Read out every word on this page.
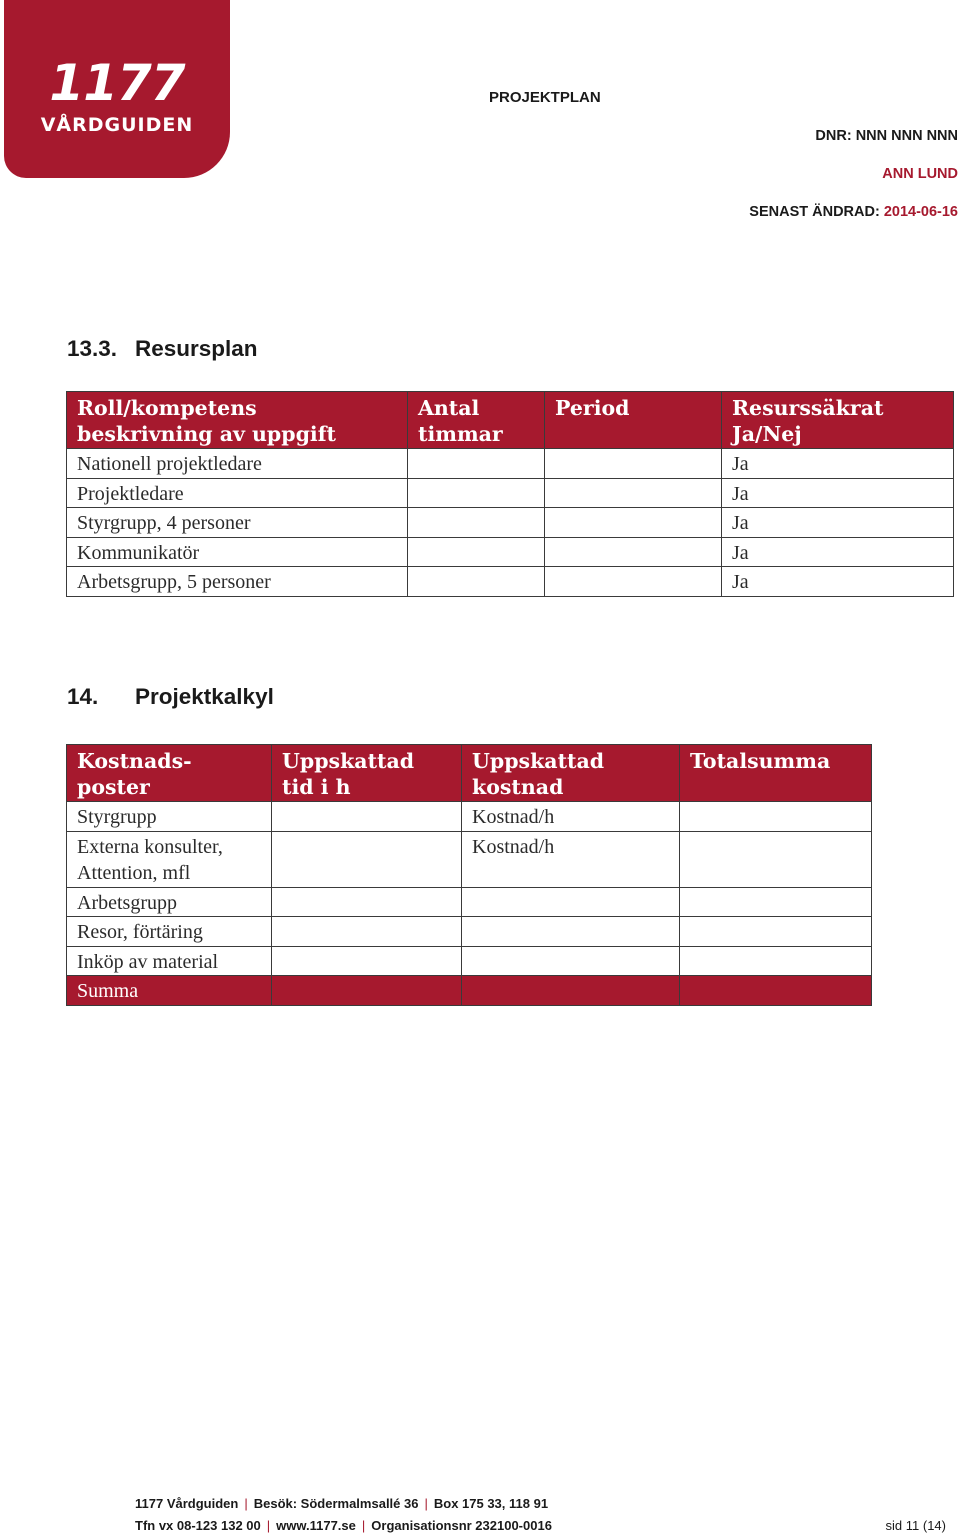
1177
VÅRDGUIDEN
PROJEKTPLAN
DNR: NNN NNN NNN
ANN LUND
SENAST ÄNDRAD: 2014-06-16
13.3. Resursplan
Roll/kompetens beskrivning av uppgift	Antal timmar	Period	Resurssäkrat Ja/Nej
Nationell projektledare			Ja
Projektledare			Ja
Styrgrupp, 4 personer			Ja
Kommunikatör			Ja
Arbetsgrupp, 5 personer			Ja
14. Projektkalkyl
Kostnads-poster	Uppskattad tid i h	Uppskattad kostnad	Totalsumma
Styrgrupp		Kostnad/h	
Externa konsulter, Attention, mfl		Kostnad/h	
Arbetsgrupp			
Resor, förtäring			
Inköp av material			
Summa			
1177 Vårdguiden | Besök: Södermalmsallé 36 | Box 175 33, 118 91
Tfn vx 08-123 132 00 | www.1177.se | Organisationsnr 232100-0016	sid 11 (14)
